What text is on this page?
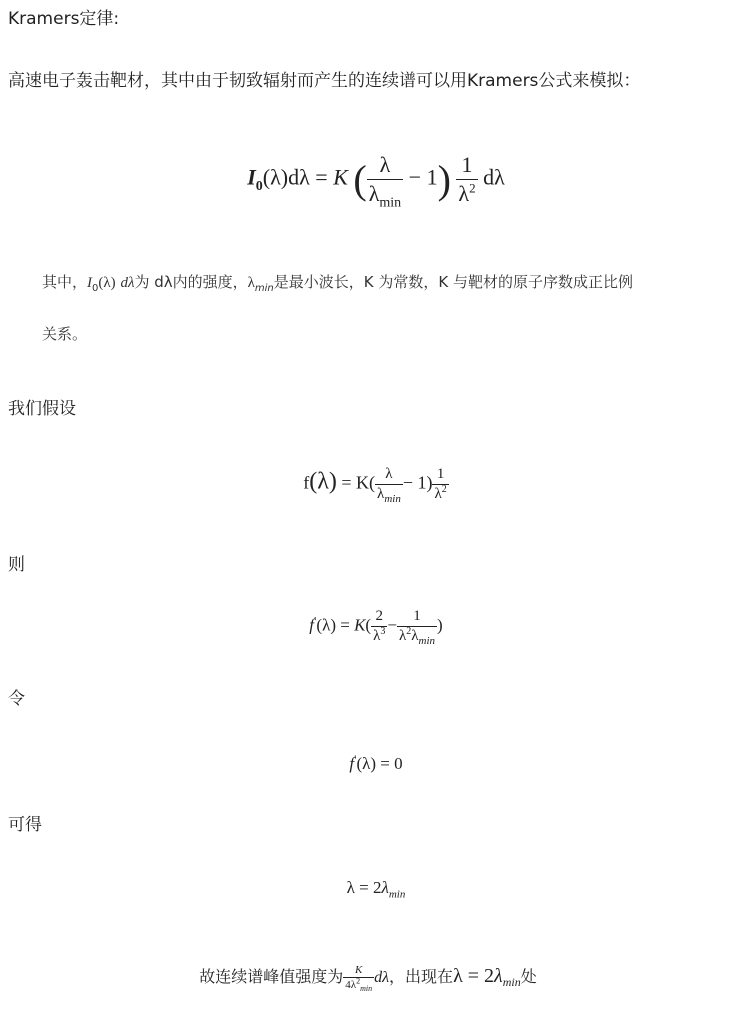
Kramers定律:
高速电子轰击靶材，其中由于韧致辐射而产生的连续谱可以用Kramers公式来模拟：
$I_0(\lambda)d\lambda = K$ ( $\frac{\lambda}{\lambda_{min}} - 1) \frac{1}{\lambda^2}$ dλ
其中，$I_0(\lambda)$ dλ为 dλ内的强度，$\lambda_{min}$是最小波长，K 为常数，K 与靶材的原子序数成正比例
关系。
我们假设
$f(\lambda) = K( \frac{\lambda}{\lambda_{min}} - 1) \frac{1}{\lambda^2}$
则
$f'(\lambda) = K( \frac{2}{\lambda^3} - \frac{1}{\lambda^2\lambda_{min}}$ )
令
f′(λ) = 0
可得
$\lambda = 2\lambda_{min}$
故连续谱峰值强度为 $\frac{K}{4\lambda^2_{min}}$ dλ，出现在$\lambda = 2\lambda_{min}$处
